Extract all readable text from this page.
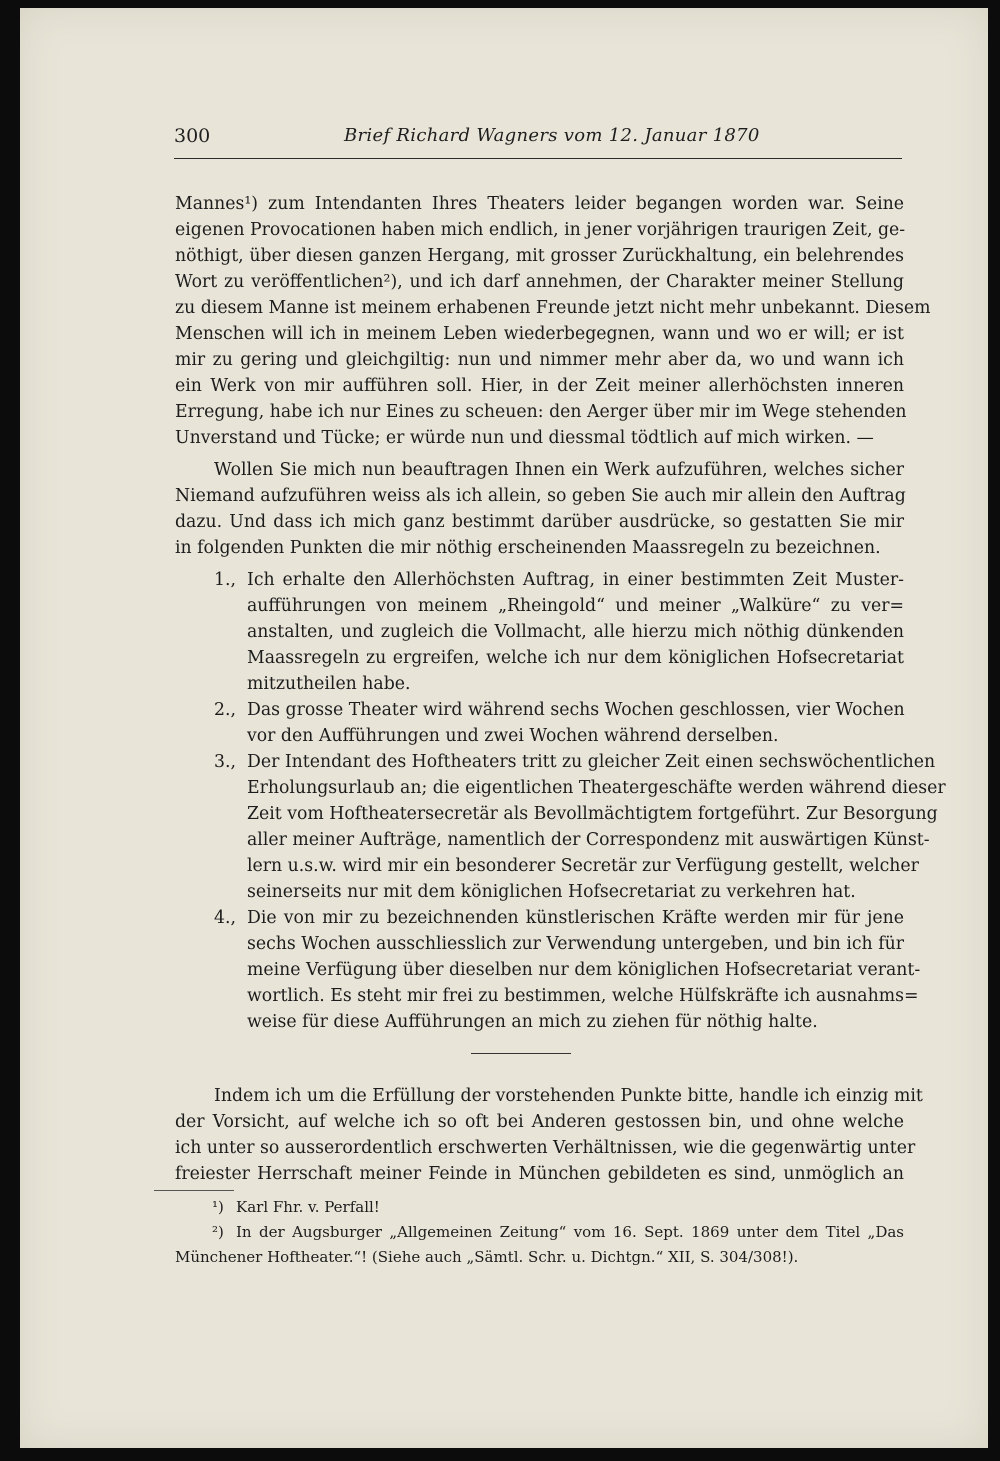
300	Brief Richard Wagners vom 12. Januar 1870
Mannes¹) zum Intendanten Ihres Theaters leider begangen worden war. Seine
eigenen Provocationen haben mich endlich, in jener vorjährigen traurigen Zeit, ge-
nöthigt, über diesen ganzen Hergang, mit grosser Zurückhaltung, ein belehrendes
Wort zu veröffentlichen²), und ich darf annehmen, der Charakter meiner Stellung
zu diesem Manne ist meinem erhabenen Freunde jetzt nicht mehr unbekannt. Diesem
Menschen will ich in meinem Leben wiederbegegnen, wann und wo er will; er ist
mir zu gering und gleichgiltig: nun und nimmer mehr aber da, wo und wann ich
ein Werk von mir aufführen soll. Hier, in der Zeit meiner allerhöchsten inneren
Erregung, habe ich nur Eines zu scheuen: den Aerger über mir im Wege stehenden
Unverstand und Tücke; er würde nun und diessmal tödtlich auf mich wirken. —
Wollen Sie mich nun beauftragen Ihnen ein Werk aufzuführen, welches sicher
Niemand aufzuführen weiss als ich allein, so geben Sie auch mir allein den Auftrag
dazu. Und dass ich mich ganz bestimmt darüber ausdrücke, so gestatten Sie mir
in folgenden Punkten die mir nöthig erscheinenden Maassregeln zu bezeichnen.
1., Ich erhalte den Allerhöchsten Auftrag, in einer bestimmten Zeit Muster-
aufführungen von meinem „Rheingold“ und meiner „Walküre“ zu ver=
anstalten, und zugleich die Vollmacht, alle hierzu mich nöthig dünkenden
Maassregeln zu ergreifen, welche ich nur dem königlichen Hofsecretariat
mitzutheilen habe.
2., Das grosse Theater wird während sechs Wochen geschlossen, vier Wochen
vor den Aufführungen und zwei Wochen während derselben.
3., Der Intendant des Hoftheaters tritt zu gleicher Zeit einen sechswöchentlichen
Erholungsurlaub an; die eigentlichen Theatergeschäfte werden während dieser
Zeit vom Hoftheatersecretär als Bevollmächtigtem fortgeführt. Zur Besorgung
aller meiner Aufträge, namentlich der Correspondenz mit auswärtigen Künst-
lern u.s.w. wird mir ein besonderer Secretär zur Verfügung gestellt, welcher
seinerseits nur mit dem königlichen Hofsecretariat zu verkehren hat.
4., Die von mir zu bezeichnenden künstlerischen Kräfte werden mir für jene
sechs Wochen ausschliesslich zur Verwendung untergeben, und bin ich für
meine Verfügung über dieselben nur dem königlichen Hofsecretariat verant-
wortlich. Es steht mir frei zu bestimmen, welche Hülfskräfte ich ausnahms=
weise für diese Aufführungen an mich zu ziehen für nöthig halte.
Indem ich um die Erfüllung der vorstehenden Punkte bitte, handle ich einzig mit
der Vorsicht, auf welche ich so oft bei Anderen gestossen bin, und ohne welche
ich unter so ausserordentlich erschwerten Verhältnissen, wie die gegenwärtig unter
freiester Herrschaft meiner Feinde in München gebildeten es sind, unmöglich an
¹)
²)
Karl Fhr. v. Perfall!
In der Augsburger „Allgemeinen Zeitung“ vom 16. Sept. 1869 unter dem Titel „Das
Münchener Hoftheater.“! (Siehe auch „Sämtl. Schr. u. Dichtgn.“ XII, S. 304/308!).
